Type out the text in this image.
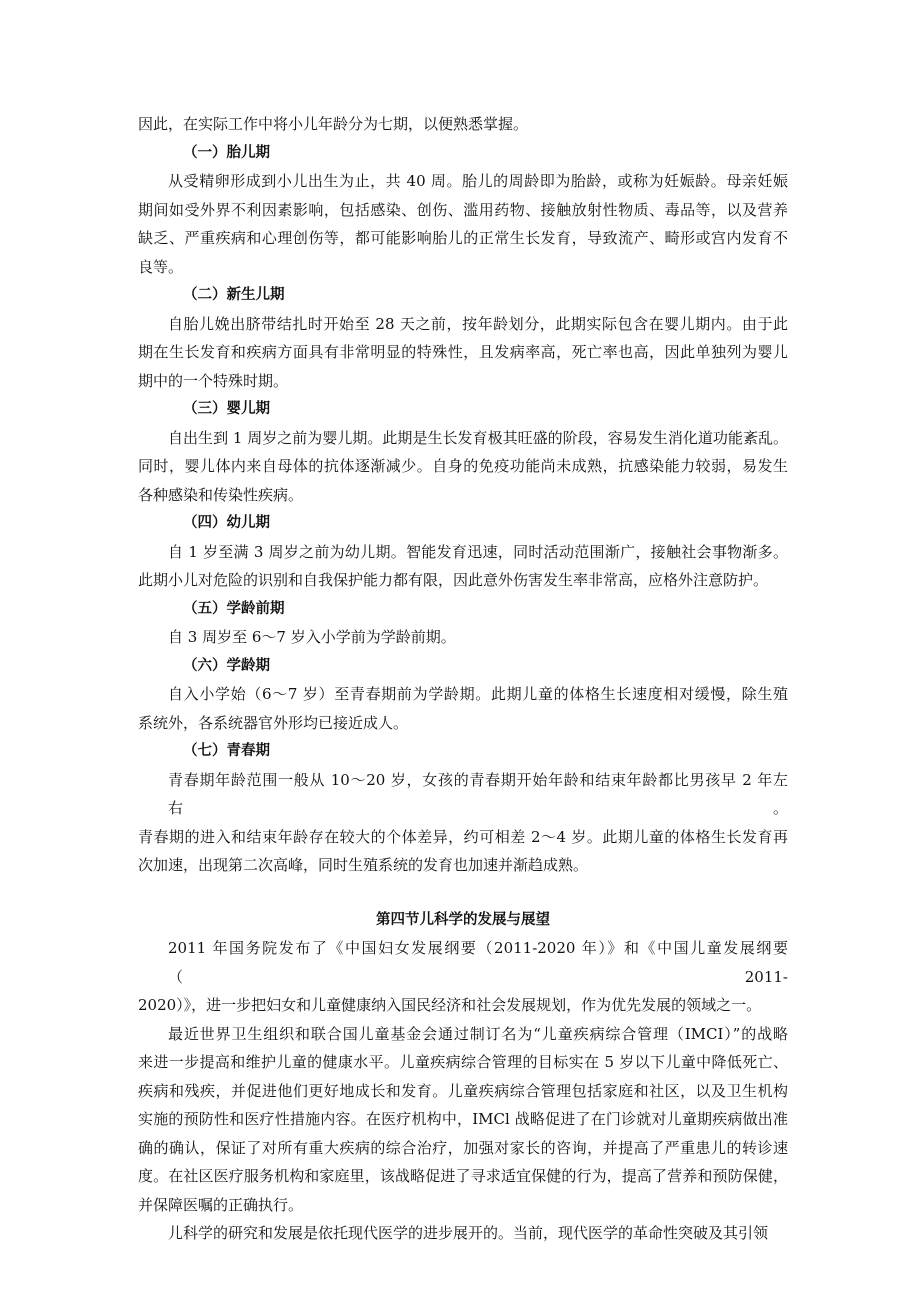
因此，在实际工作中将小儿年龄分为七期，以便熟悉掌握。

（一）胎儿期

从受精卵形成到小儿出生为止，共 40 周。胎儿的周龄即为胎龄，或称为妊娠龄。母亲妊娠

期间如受外界不利因素影响，包括感染、创伤、滥用药物、接触放射性物质、毒品等，以及营养

缺乏、严重疾病和心理创伤等，都可能影响胎儿的正常生长发育，导致流产、畸形或宫内发育不

良等。

（二）新生儿期

自胎儿娩出脐带结扎时开始至 28 天之前，按年龄划分，此期实际包含在婴儿期内。由于此

期在生长发育和疾病方面具有非常明显的特殊性，且发病率高，死亡率也高，因此单独列为婴儿

期中的一个特殊时期。

（三）婴儿期

自出生到 1 周岁之前为婴儿期。此期是生长发育极其旺盛的阶段，容易发生消化道功能紊乱。

同时，婴儿体内来自母体的抗体逐渐减少。自身的免疫功能尚未成熟，抗感染能力较弱，易发生

各种感染和传染性疾病。

（四）幼儿期

自 1 岁至满 3 周岁之前为幼儿期。智能发育迅速，同时活动范围渐广，接触社会事物渐多。

此期小儿对危险的识别和自我保护能力都有限，因此意外伤害发生率非常高，应格外注意防护。

（五）学龄前期

自 3 周岁至 6～7 岁入小学前为学龄前期。

（六）学龄期

自入小学始（6～7 岁）至青春期前为学龄期。此期儿童的体格生长速度相对缓慢，除生殖

系统外，各系统器官外形均已接近成人。

（七）青春期

青春期年龄范围一般从 10～20 岁，女孩的青春期开始年龄和结束年龄都比男孩早 2 年左右。

青春期的进入和结束年龄存在较大的个体差异，约可相差 2～4 岁。此期儿童的体格生长发育再

次加速，出现第二次高峰，同时生殖系统的发育也加速并渐趋成熟。

第四节儿科学的发展与展望

2011 年国务院发布了《中国妇女发展纲要（2011-2020 年）》和《中国儿童发展纲要（2011-

2020）》，进一步把妇女和儿童健康纳入国民经济和社会发展规划，作为优先发展的领域之一。

最近世界卫生组织和联合国儿童基金会通过制订名为“儿童疾病综合管理（IMCI）”的战略

来进一步提高和维护儿童的健康水平。儿童疾病综合管理的目标实在 5 岁以下儿童中降低死亡、

疾病和残疾，并促进他们更好地成长和发育。儿童疾病综合管理包括家庭和社区，以及卫生机构

实施的预防性和医疗性措施内容。在医疗机构中，IMCl 战略促进了在门诊就对儿童期疾病做出准

确的确认，保证了对所有重大疾病的综合治疗，加强对家长的咨询，并提高了严重患儿的转诊速

度。在社区医疗服务机构和家庭里，该战略促进了寻求适宜保健的行为，提高了营养和预防保健，

并保障医嘱的正确执行。

儿科学的研究和发展是依托现代医学的进步展开的。当前，现代医学的革命性突破及其引领
